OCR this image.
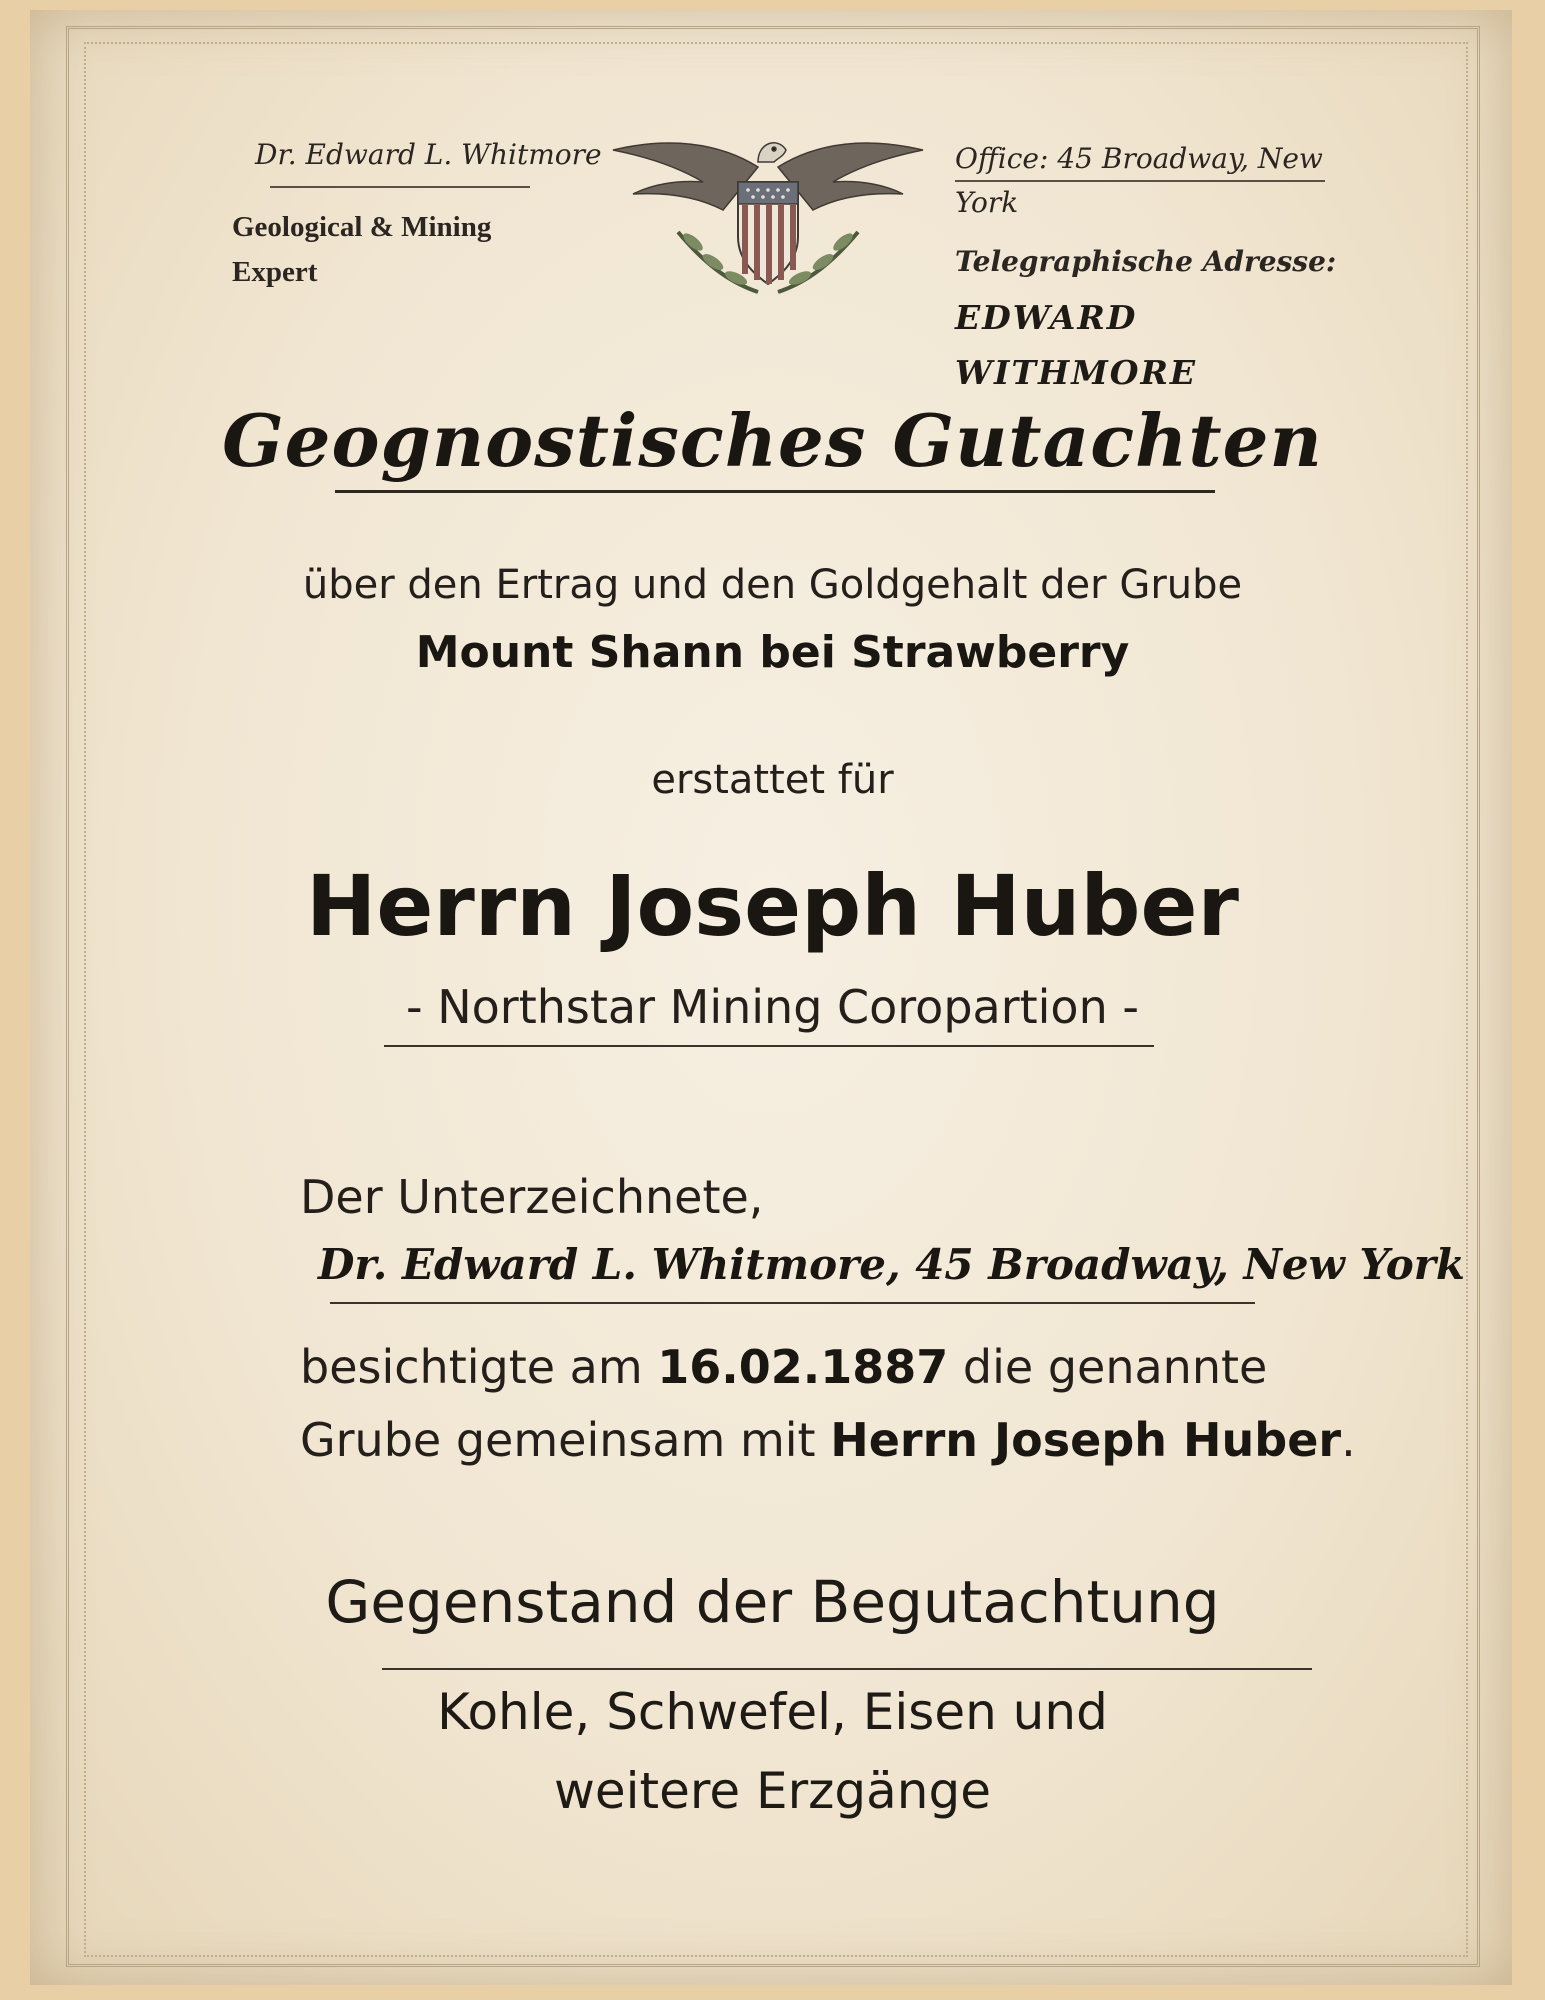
Dr. Edward L. Whitmore
Geological & Mining Expert
Office: 45 Broadway, New York
Telegraphische Adresse:
EDWARD WITHMORE
Geognostisches Gutachten
über den Ertrag und den Goldgehalt der Grube
Mount Shann bei Strawberry
erstattet für
Herrn Joseph Huber
- Northstar Mining Coropartion -
Der Unterzeichnete,
Dr. Edward L. Whitmore, 45 Broadway, New York
besichtigte am 16.02.1887 die genannte
Grube gemeinsam mit Herrn Joseph Huber.
Gegenstand der Begutachtung
Kohle, Schwefel, Eisen und
weitere Erzgänge
